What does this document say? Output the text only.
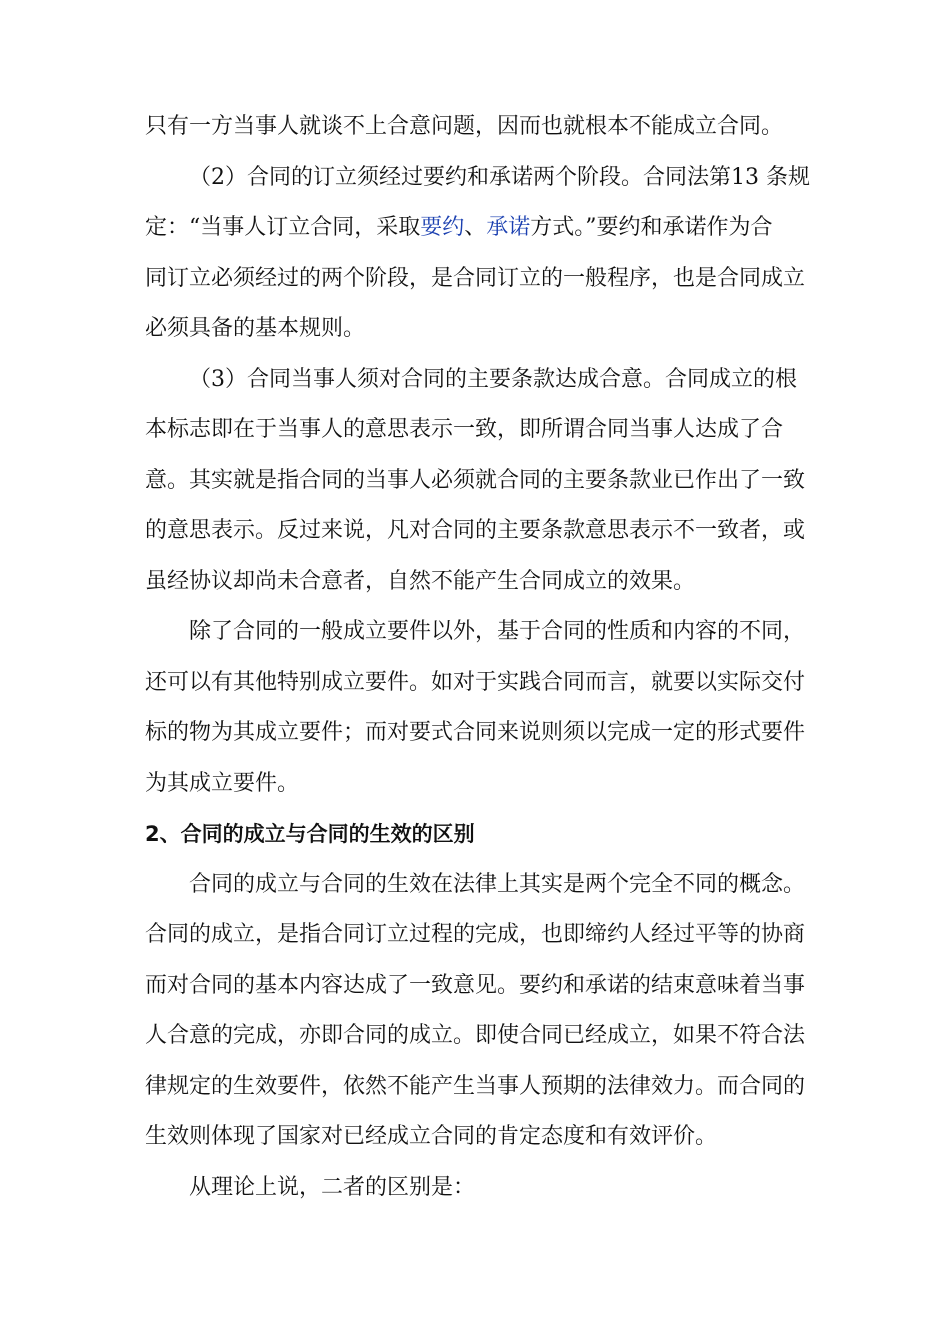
只有一方当事人就谈不上合意问题，因而也就根本不能成立合同。
（2）合同的订立须经过要约和承诺两个阶段。合同法第13 条规
定：“当事人订立合同，采取要约、承诺方式。”要约和承诺作为合
同订立必须经过的两个阶段，是合同订立的一般程序，也是合同成立
必须具备的基本规则。
（3）合同当事人须对合同的主要条款达成合意。合同成立的根
本标志即在于当事人的意思表示一致，即所谓合同当事人达成了合
意。其实就是指合同的当事人必须就合同的主要条款业已作出了一致
的意思表示。反过来说，凡对合同的主要条款意思表示不一致者，或
虽经协议却尚未合意者，自然不能产生合同成立的效果。
除了合同的一般成立要件以外，基于合同的性质和内容的不同，
还可以有其他特别成立要件。如对于实践合同而言，就要以实际交付
标的物为其成立要件；而对要式合同来说则须以完成一定的形式要件
为其成立要件。
2、合同的成立与合同的生效的区别
合同的成立与合同的生效在法律上其实是两个完全不同的概念。
合同的成立，是指合同订立过程的完成，也即缔约人经过平等的协商
而对合同的基本内容达成了一致意见。要约和承诺的结束意味着当事
人合意的完成，亦即合同的成立。即使合同已经成立，如果不符合法
律规定的生效要件，依然不能产生当事人预期的法律效力。而合同的
生效则体现了国家对已经成立合同的肯定态度和有效评价。
从理论上说，二者的区别是：
